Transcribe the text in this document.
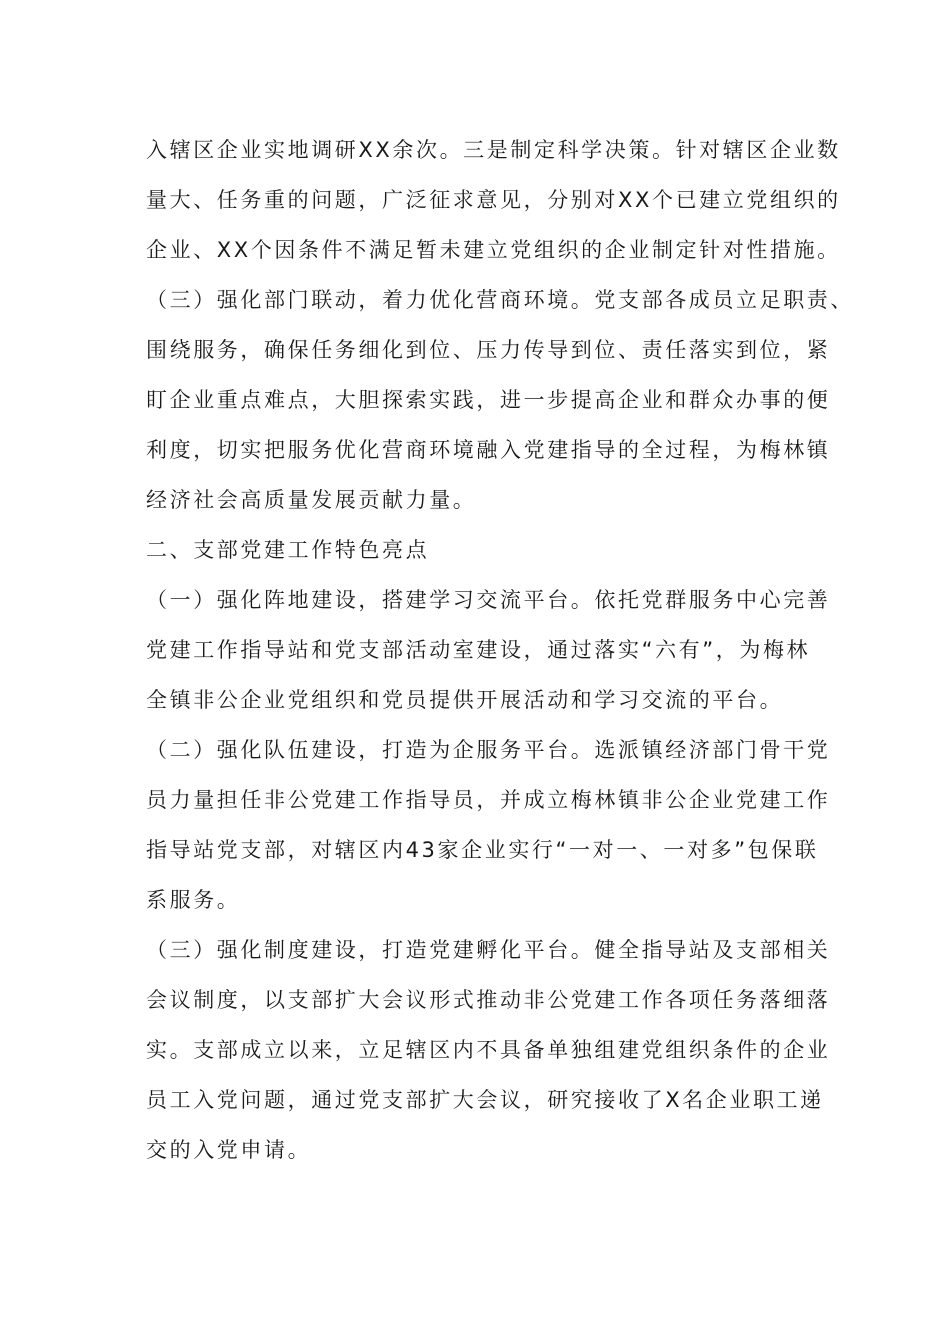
入辖区企业实地调研XX余次。三是制定科学决策。针对辖区企业数
量大、任务重的问题，广泛征求意见，分别对XX个已建立党组织的
企业、XX个因条件不满足暂未建立党组织的企业制定针对性措施。
（三）强化部门联动，着力优化营商环境。党支部各成员立足职责、
围绕服务，确保任务细化到位、压力传导到位、责任落实到位，紧
盯企业重点难点，大胆探索实践，进一步提高企业和群众办事的便
利度，切实把服务优化营商环境融入党建指导的全过程，为梅林镇
经济社会高质量发展贡献力量。
二、支部党建工作特色亮点
（一）强化阵地建设，搭建学习交流平台。依托党群服务中心完善
党建工作指导站和党支部活动室建设，通过落实“六有”，为梅林
全镇非公企业党组织和党员提供开展活动和学习交流的平台。
（二）强化队伍建设，打造为企服务平台。选派镇经济部门骨干党
员力量担任非公党建工作指导员，并成立梅林镇非公企业党建工作
指导站党支部，对辖区内43家企业实行“一对一、一对多”包保联
系服务。
（三）强化制度建设，打造党建孵化平台。健全指导站及支部相关
会议制度，以支部扩大会议形式推动非公党建工作各项任务落细落
实。支部成立以来，立足辖区内不具备单独组建党组织条件的企业
员工入党问题，通过党支部扩大会议，研究接收了X名企业职工递
交的入党申请。
